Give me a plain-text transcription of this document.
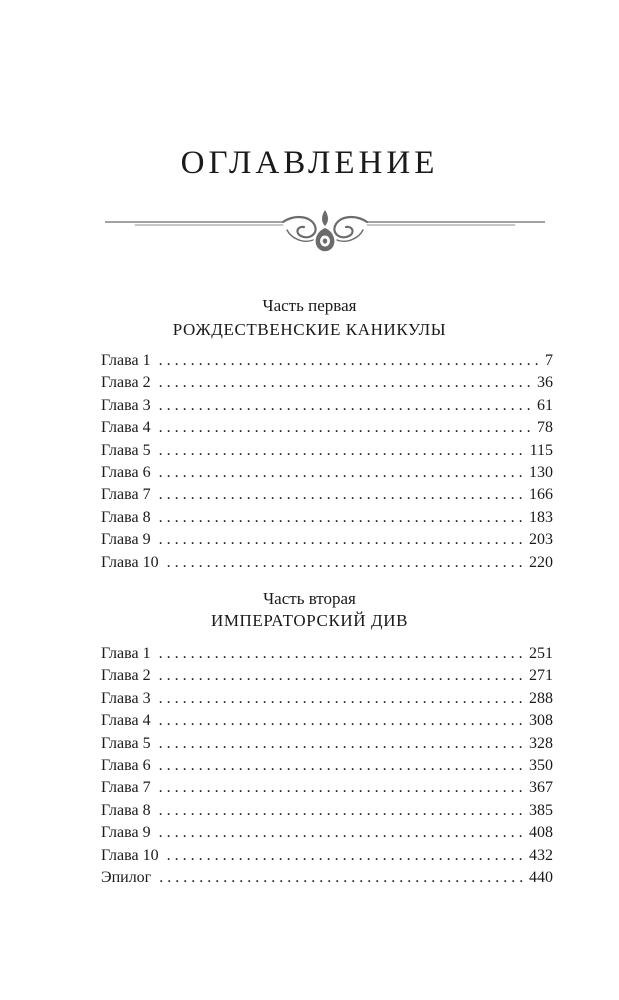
ОГЛАВЛЕНИЕ
Часть первая
РОЖДЕСТВЕНСКИЕ КАНИКУЛЫ
Глава 1 . . .	7
Глава 2 . . .	36
Глава 3 . . .	61
Глава 4 . . .	78
Глава 5 . . .	115
Глава 6 . . .	130
Глава 7 . . .	166
Глава 8 . . .	183
Глава 9 . . .	203
Глава 10 . . .	220
Часть вторая
ИМПЕРАТОРСКИЙ ДИВ
Глава 1 . . .	251
Глава 2 . . .	271
Глава 3 . . .	288
Глава 4 . . .	308
Глава 5 . . .	328
Глава 6 . . .	350
Глава 7 . . .	367
Глава 8 . . .	385
Глава 9 . . .	408
Глава 10 . . .	432
Эпилог . . .	440
